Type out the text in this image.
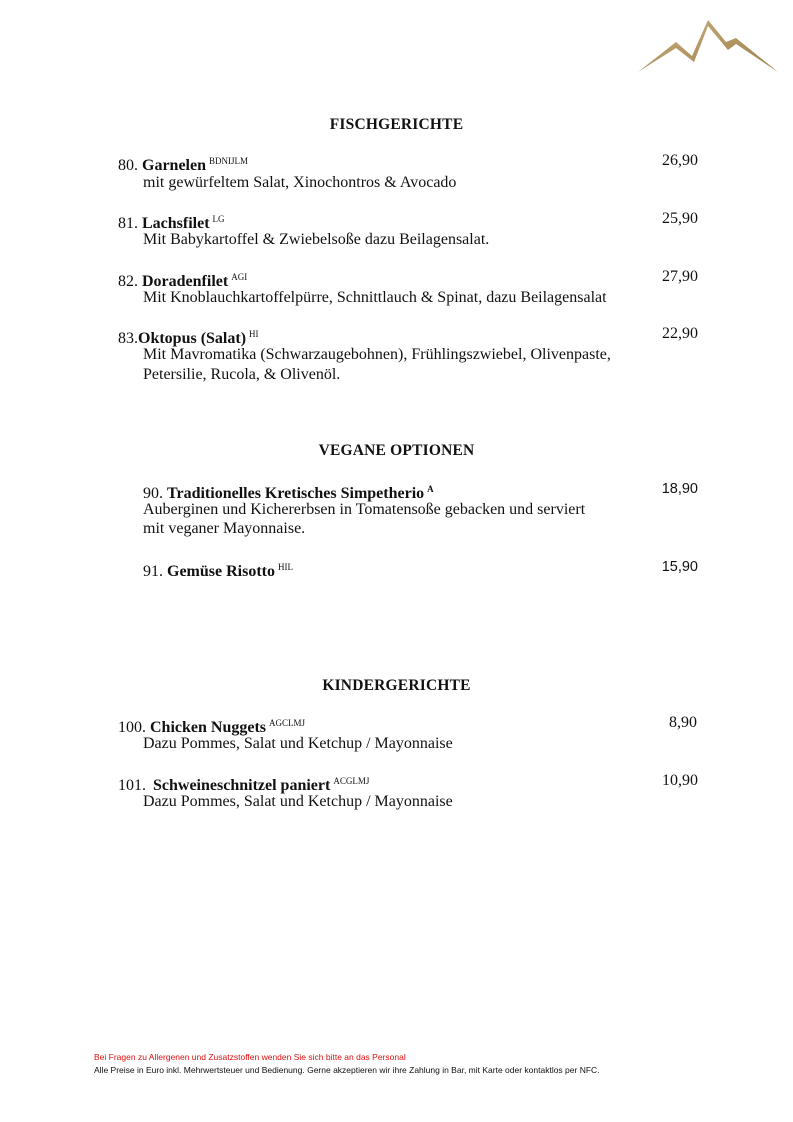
FISCHGERICHTE
80. Garnelen $^{BDNIJLM}$	26,90
mit gewürfeltem Salat, Xinochontros & Avocado
81. Lachsfilet $^{LG}$	25,90
Mit Babykartoffel & Zwiebelsoße dazu Beilagensalat.
82. Doradenfilet $^{AGI}$	27,90
Mit Knoblauchkartoffelpürre, Schnittlauch & Spinat, dazu Beilagensalat
83.Oktopus (Salat) $^{HI}$	22,90
Mit Mavromatika (Schwarzaugebohnen), Frühlingszwiebel, Olivenpaste,
Petersilie, Rucola, & Olivenöl.
VEGANE OPTIONEN
90. Traditionelles Kretisches Simpetherio $^A$	18,90
Auberginen und Kichererbsen in Tomatensoße gebacken und serviert
mit veganer Mayonnaise.
91. Gemüse Risotto $^{HIL}$	15,90
KINDERGERICHTE
100. Chicken Nuggets $^{AGCLMJ}$	8,90
Dazu Pommes, Salat und Ketchup / Mayonnaise
101. Schweineschnitzel paniert $^{ACGLMJ}$	10,90
Dazu Pommes, Salat und Ketchup / Mayonnaise
Bei Fragen zu Allergenen und Zusatzstoffen wenden Sie sich bitte an das Personal
Alle Preise in Euro inkl. Mehrwertsteuer und Bedienung. Gerne akzeptieren wir ihre Zahlung in Bar, mit Karte oder kontaktlos per NFC.
